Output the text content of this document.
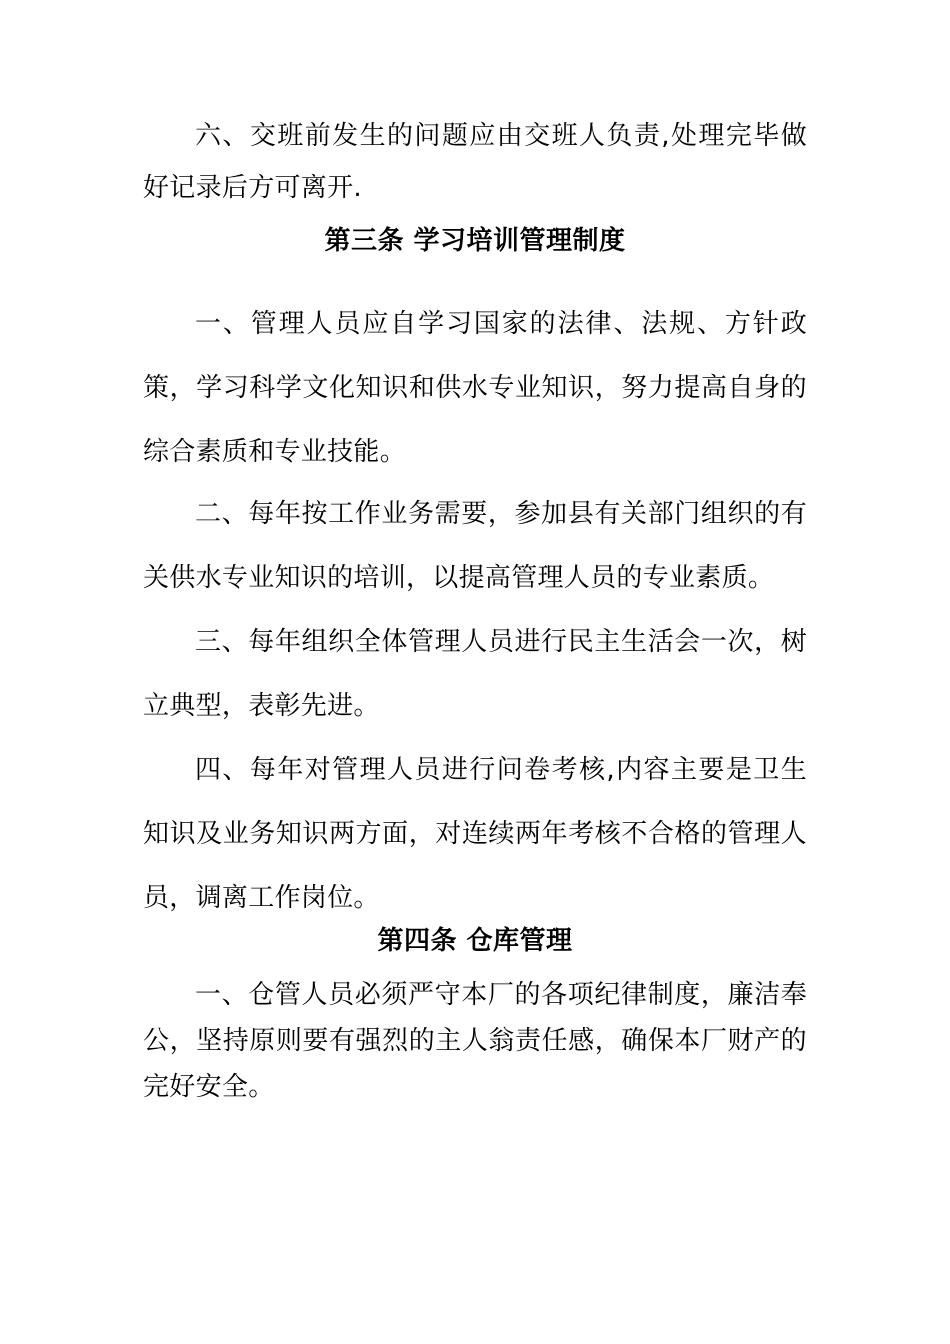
六、交班前发生的问题应由交班人负责,处理完毕做好记录后方可离开.

第三条 学习培训管理制度

一、管理人员应自学习国家的法律、法规、方针政策，学习科学文化知识和供水专业知识，努力提高自身的综合素质和专业技能。

二、每年按工作业务需要，参加县有关部门组织的有关供水专业知识的培训，以提高管理人员的专业素质。

三、每年组织全体管理人员进行民主生活会一次，树立典型，表彰先进。

四、每年对管理人员进行问卷考核,内容主要是卫生知识及业务知识两方面，对连续两年考核不合格的管理人员，调离工作岗位。

第四条 仓库管理

一、仓管人员必须严守本厂的各项纪律制度，廉洁奉公，坚持原则要有强烈的主人翁责任感，确保本厂财产的完好安全。
